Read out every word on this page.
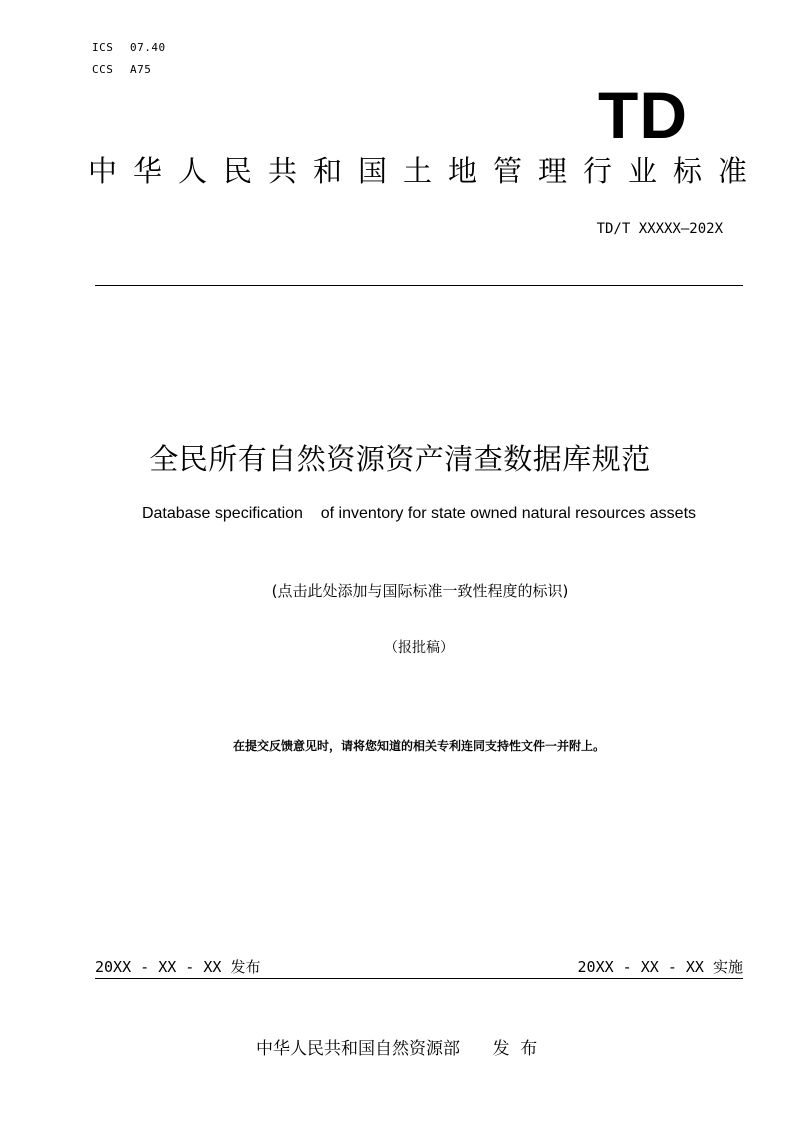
ICS 07.40
CCS A75
TD
中华人民共和国土地管理行业标准
TD/T XXXXX—202X
全民所有自然资源资产清查数据库规范
Database specification    of inventory for state owned natural resources assets
(点击此处添加与国际标准一致性程度的标识)
（报批稿）
在提交反馈意见时，请将您知道的相关专利连同支持性文件一并附上。
20XX - XX - XX 发布	20XX - XX - XX 实施
中华人民共和国自然资源部 发  布
